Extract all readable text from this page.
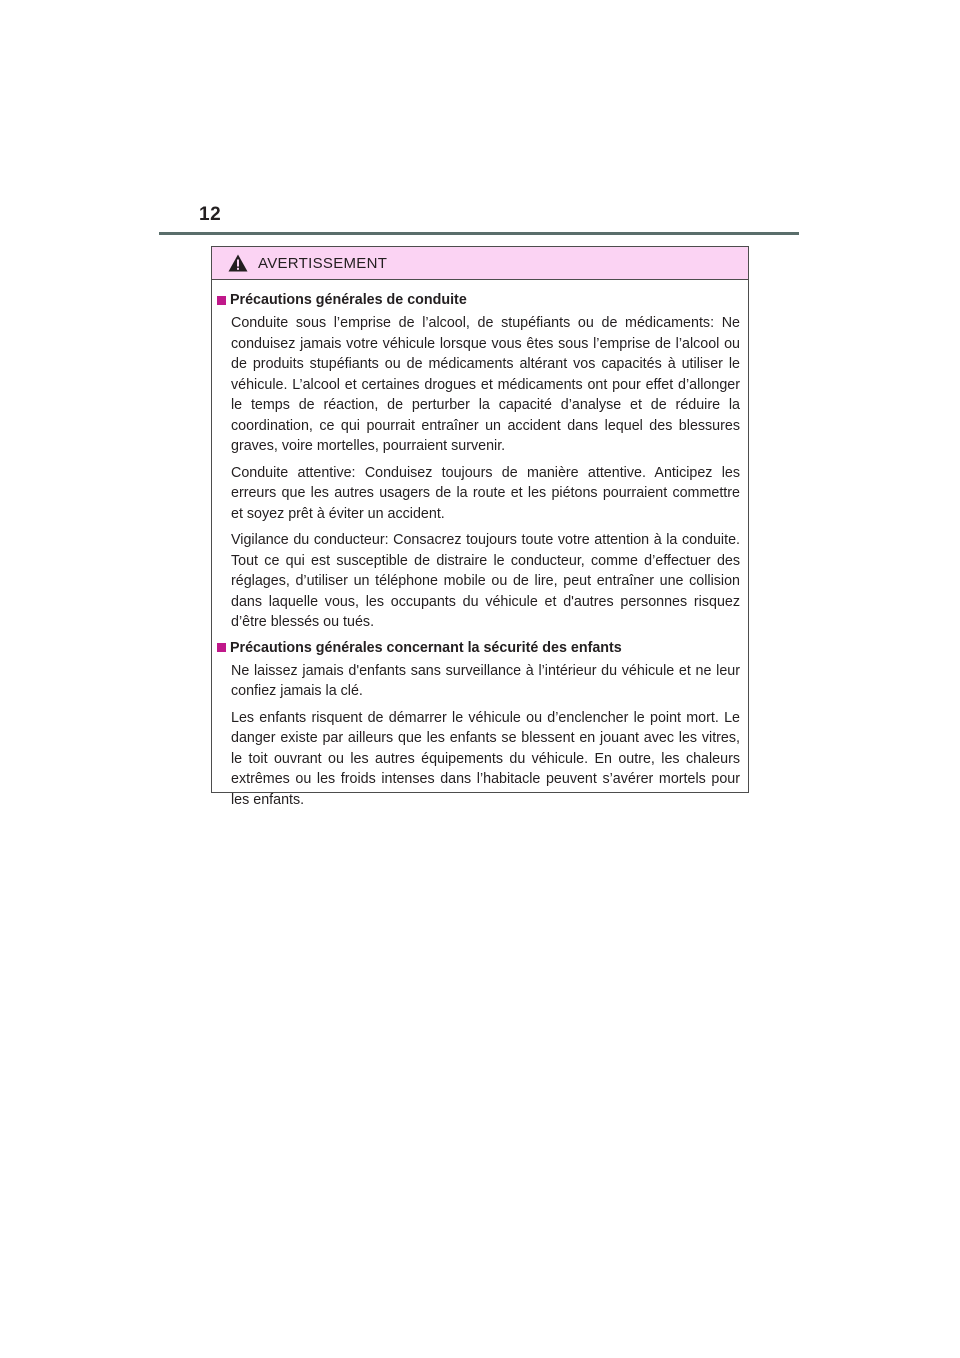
12
AVERTISSEMENT
Précautions générales de conduite

Conduite sous l’emprise de l’alcool, de stupéfiants ou de médicaments: Ne conduisez jamais votre véhicule lorsque vous êtes sous l’emprise de l’alcool ou de produits stupéfiants ou de médicaments altérant vos capacités à utiliser le véhicule. L’alcool et certaines drogues et médicaments ont pour effet d’allonger le temps de réaction, de perturber la capacité d’analyse et de réduire la coordination, ce qui pourrait entraîner un accident dans lequel des blessures graves, voire mortelles, pourraient survenir.

Conduite attentive: Conduisez toujours de manière attentive. Anticipez les erreurs que les autres usagers de la route et les piétons pourraient commettre et soyez prêt à éviter un accident.

Vigilance du conducteur: Consacrez toujours toute votre attention à la conduite. Tout ce qui est susceptible de distraire le conducteur, comme d’effectuer des réglages, d’utiliser un téléphone mobile ou de lire, peut entraîner une collision dans laquelle vous, les occupants du véhicule et d'autres personnes risquez d’être blessés ou tués.

Précautions générales concernant la sécurité des enfants

Ne laissez jamais d'enfants sans surveillance à l’intérieur du véhicule et ne leur confiez jamais la clé.

Les enfants risquent de démarrer le véhicule ou d’enclencher le point mort. Le danger existe par ailleurs que les enfants se blessent en jouant avec les vitres, le toit ouvrant ou les autres équipements du véhicule. En outre, les chaleurs extrêmes ou les froids intenses dans l’habitacle peuvent s’avérer mortels pour les enfants.
